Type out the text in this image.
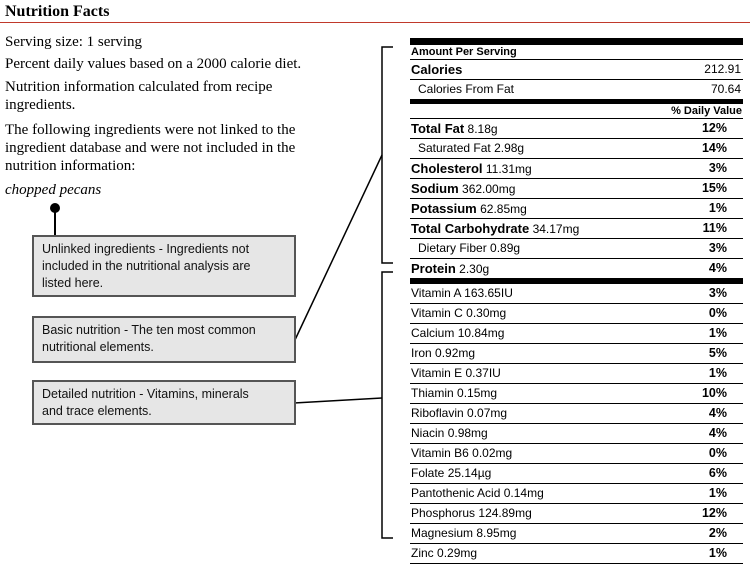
Nutrition Facts
Serving size: 1 serving
Percent daily values based on a 2000 calorie diet.
Nutrition information calculated from recipe
ingredients.
The following ingredients were not linked to the
ingredient database and were not included in the
nutrition information:
chopped pecans
Unlinked ingredients - Ingredients not
included in the nutritional analysis are
listed here.
Basic nutrition - The ten most common
nutritional elements.
Detailed nutrition - Vitamins, minerals
and trace elements.
Amount Per Serving
Calories	212.91
Calories From Fat	70.64
% Daily Value
Total Fat 8.18g	12%
Saturated Fat 2.98g	14%
Cholesterol 11.31mg	3%
Sodium 362.00mg	15%
Potassium 62.85mg	1%
Total Carbohydrate 34.17mg	11%
Dietary Fiber 0.89g	3%
Protein 2.30g	4%
Vitamin A 163.65IU	3%
Vitamin C 0.30mg	0%
Calcium 10.84mg	1%
Iron 0.92mg	5%
Vitamin E 0.37IU	1%
Thiamin 0.15mg	10%
Riboflavin 0.07mg	4%
Niacin 0.98mg	4%
Vitamin B6 0.02mg	0%
Folate 25.14µg	6%
Pantothenic Acid 0.14mg	1%
Phosphorus 124.89mg	12%
Magnesium 8.95mg	2%
Zinc 0.29mg	1%
